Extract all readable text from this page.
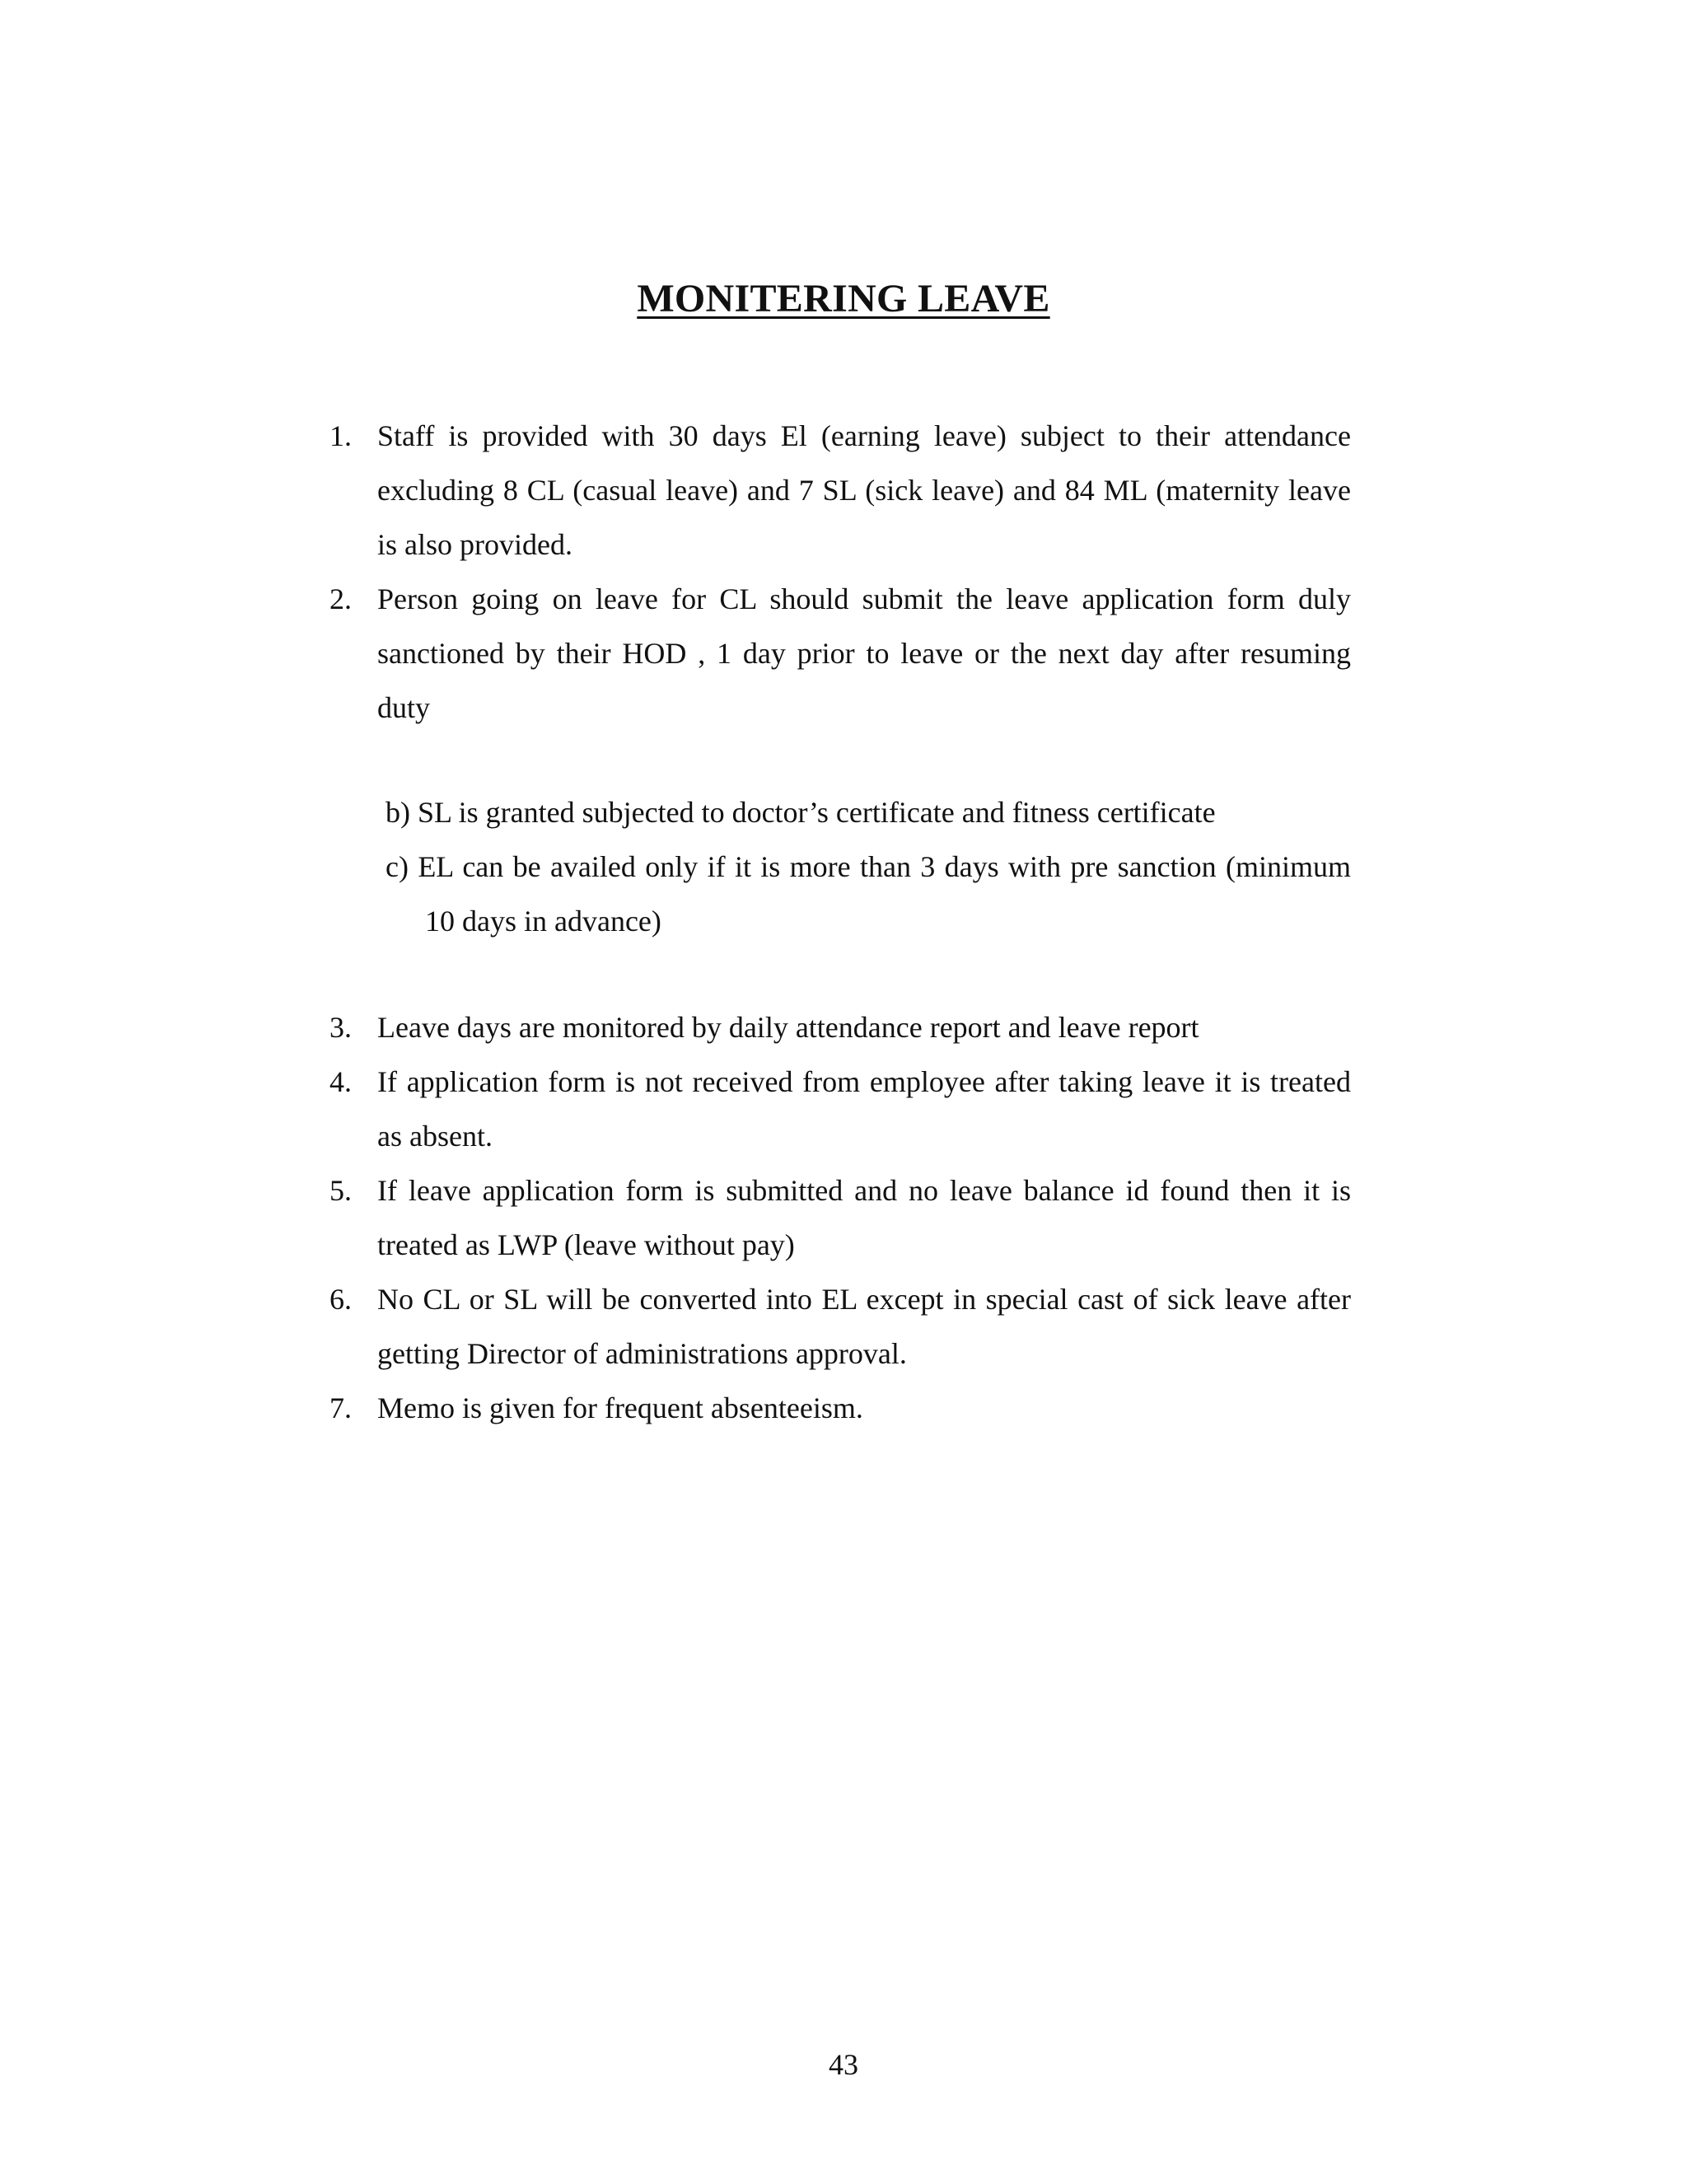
MONITERING LEAVE

1. Staff is provided with 30 days El (earning leave) subject to their attendance excluding 8 CL (casual leave) and 7 SL (sick leave) and 84 ML (maternity leave is also provided.

2. Person going on leave for CL should submit the leave application form duly sanctioned by their HOD , 1 day prior to leave or the next day after resuming duty

b) SL is granted subjected to doctor’s certificate and fitness certificate

c) EL can be availed only if it is more than 3 days with pre sanction (minimum 10 days in advance)

3. Leave days are monitored by daily attendance report and leave report

4. If application form is not received from employee after taking leave it is treated as absent.

5. If leave application form is submitted and no leave balance id found then it is treated as LWP (leave without pay)

6. No CL or SL will be converted into EL except in special cast of sick leave after getting Director of administrations approval.

7. Memo is given for frequent absenteeism.

43
